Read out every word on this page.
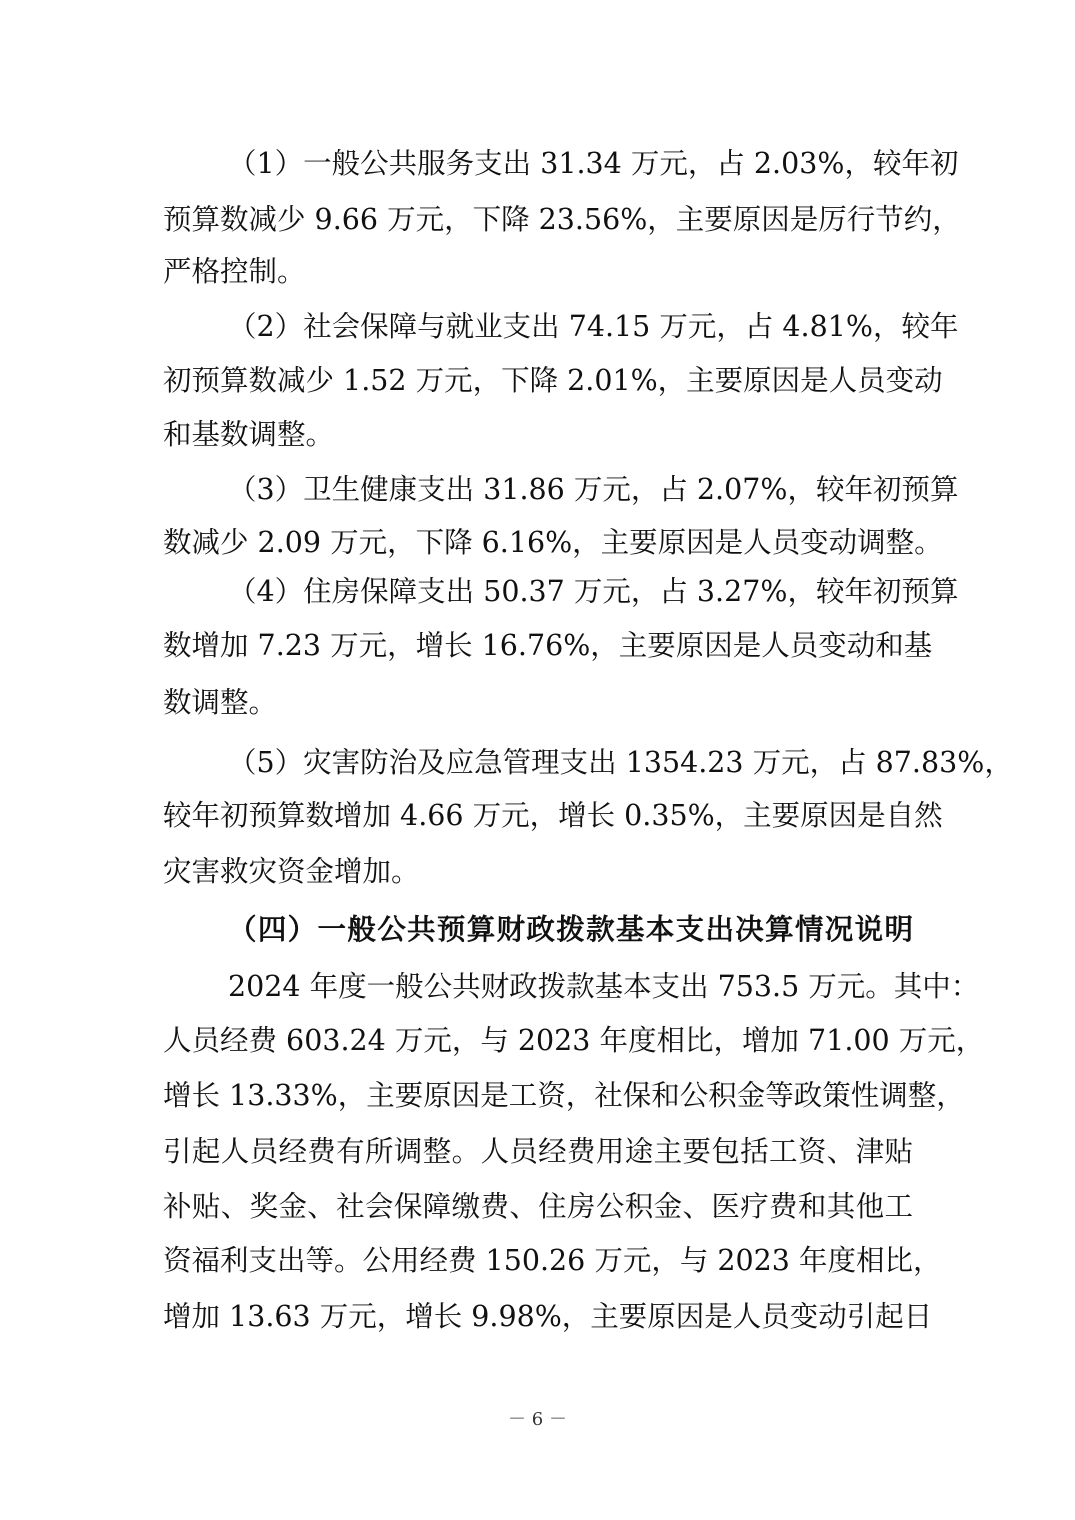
（1）一般公共服务支出 31.34 万元，占 2.03%，较年初
预算数减少 9.66 万元，下降 23.56%，主要原因是厉行节约，
严格控制。
（2）社会保障与就业支出 74.15 万元，占 4.81%，较年
初预算数减少 1.52 万元，下降 2.01%，主要原因是人员变动
和基数调整。
（3）卫生健康支出 31.86 万元，占 2.07%，较年初预算
数减少 2.09 万元，下降 6.16%，主要原因是人员变动调整。
（4）住房保障支出 50.37 万元，占 3.27%，较年初预算
数增加 7.23 万元，增长 16.76%，主要原因是人员变动和基
数调整。
（5）灾害防治及应急管理支出 1354.23 万元，占 87.83%，
较年初预算数增加 4.66 万元，增长 0.35%，主要原因是自然
灾害救灾资金增加。
（四）一般公共预算财政拨款基本支出决算情况说明
2024 年度一般公共财政拨款基本支出 753.5 万元。其中：
人员经费 603.24 万元，与 2023 年度相比，增加 71.00 万元，
增长 13.33%，主要原因是工资，社保和公积金等政策性调整，
引起人员经费有所调整。人员经费用途主要包括工资、津贴
补贴、奖金、社会保障缴费、住房公积金、医疗费和其他工
资福利支出等。公用经费 150.26 万元，与 2023 年度相比，
增加 13.63 万元，增长 9.98%，主要原因是人员变动引起日
－ 6 －
